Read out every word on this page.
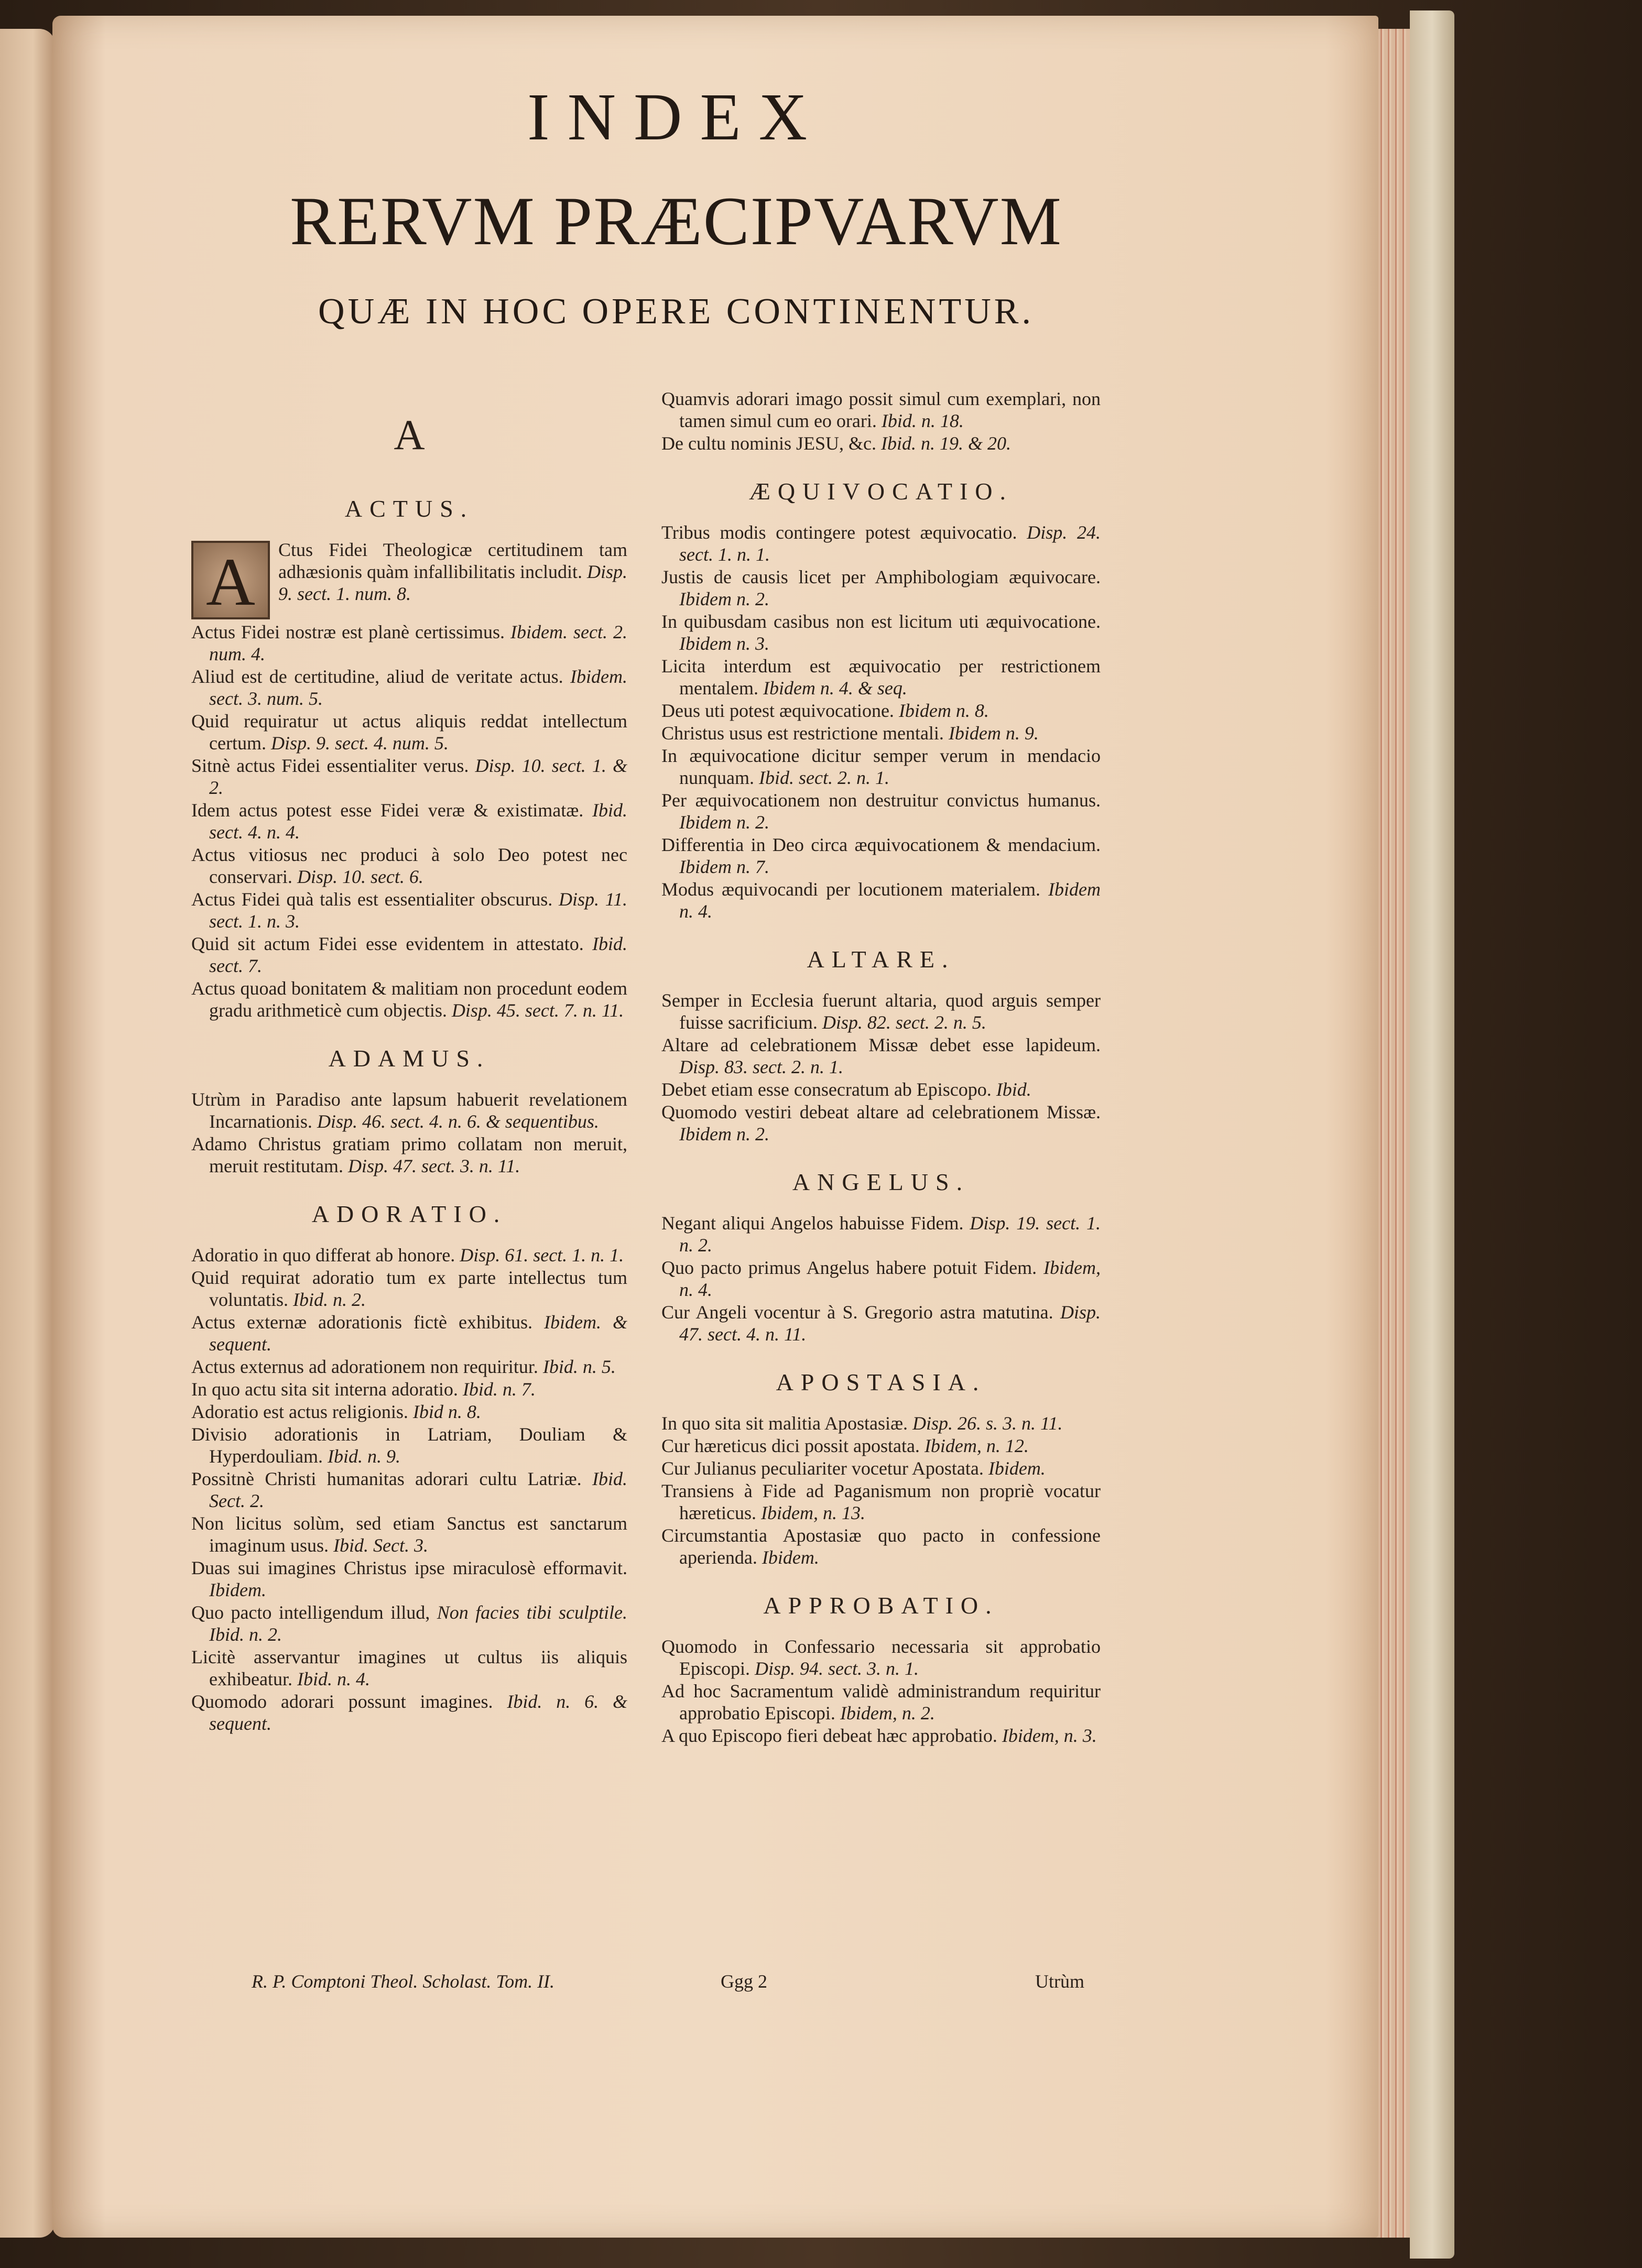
INDEX
RERVM PRÆCIPVARVM
QUÆ IN HOC OPERE CONTINENTUR.
A
ACTUS.
A	Ctus Fidei Theologicæ certitudinem tam adhæsionis quàm infallibilitatis includit. Disp. 9. sect. 1. num. 8.
Actus Fidei nostræ est planè certissimus. Ibidem. sect. 2. num. 4.
Aliud est de certitudine, aliud de veritate actus. Ibidem. sect. 3. num. 5.
Quid requiratur ut actus aliquis reddat intellectum certum. Disp. 9. sect. 4. num. 5.
Sitnè actus Fidei essentialiter verus. Disp. 10. sect. 1. & 2.
Idem actus potest esse Fidei veræ & existimatæ. Ibid. sect. 4. n. 4.
Actus vitiosus nec produci à solo Deo potest nec conservari. Disp. 10. sect. 6.
Actus Fidei quà talis est essentialiter obscurus. Disp. 11. sect. 1. n. 3.
Quid sit actum Fidei esse evidentem in attestato. Ibid. sect. 7.
Actus quoad bonitatem & malitiam non procedunt eodem gradu arithmeticè cum objectis. Disp. 45. sect. 7. n. 11.
ADAMUS.
Utrùm in Paradiso ante lapsum habuerit revelationem Incarnationis. Disp. 46. sect. 4. n. 6. & sequentibus.
Adamo Christus gratiam primo collatam non meruit, meruit restitutam. Disp. 47. sect. 3. n. 11.
ADORATIO.
Adoratio in quo differat ab honore. Disp. 61. sect. 1. n. 1.
Quid requirat adoratio tum ex parte intellectus tum voluntatis. Ibid. n. 2.
Actus externæ adorationis fictè exhibitus. Ibidem. & sequent.
Actus externus ad adorationem non requiritur. Ibid. n. 5.
In quo actu sita sit interna adoratio. Ibid. n. 7.
Adoratio est actus religionis. Ibid n. 8.
Divisio adorationis in Latriam, Douliam & Hyperdouliam. Ibid. n. 9.
Possitnè Christi humanitas adorari cultu Latriæ. Ibid. Sect. 2.
Non licitus solùm, sed etiam Sanctus est sanctarum imaginum usus. Ibid. Sect. 3.
Duas sui imagines Christus ipse miraculosè efformavit. Ibidem.
Quo pacto intelligendum illud, Non facies tibi sculptile. Ibid. n. 2.
Licitè asservantur imagines ut cultus iis aliquis exhibeatur. Ibid. n. 4.
Quomodo adorari possunt imagines. Ibid. n. 6. & sequent.
Quamvis adorari imago possit simul cum exemplari, non tamen simul cum eo orari. Ibid. n. 18.
De cultu nominis JESU, &c. Ibid. n. 19. & 20.
ÆQUIVOCATIO.
Tribus modis contingere potest æquivocatio. Disp. 24. sect. 1. n. 1.
Justis de causis licet per Amphibologiam æquivocare. Ibidem n. 2.
In quibusdam casibus non est licitum uti æquivocatione. Ibidem n. 3.
Licita interdum est æquivocatio per restrictionem mentalem. Ibidem n. 4. & seq.
Deus uti potest æquivocatione. Ibidem n. 8.
Christus usus est restrictione mentali. Ibidem n. 9.
In æquivocatione dicitur semper verum in mendacio nunquam. Ibid. sect. 2. n. 1.
Per æquivocationem non destruitur convictus humanus. Ibidem n. 2.
Differentia in Deo circa æquivocationem & mendacium. Ibidem n. 7.
Modus æquivocandi per locutionem materialem. Ibidem n. 4.
ALTARE.
Semper in Ecclesia fuerunt altaria, quod arguis semper fuisse sacrificium. Disp. 82. sect. 2. n. 5.
Altare ad celebrationem Missæ debet esse lapideum. Disp. 83. sect. 2. n. 1.
Debet etiam esse consecratum ab Episcopo. Ibid.
Quomodo vestiri debeat altare ad celebrationem Missæ. Ibidem n. 2.
ANGELUS.
Negant aliqui Angelos habuisse Fidem. Disp. 19. sect. 1. n. 2.
Quo pacto primus Angelus habere potuit Fidem. Ibidem, n. 4.
Cur Angeli vocentur à S. Gregorio astra matutina. Disp. 47. sect. 4. n. 11.
APOSTASIA.
In quo sita sit malitia Apostasiæ. Disp. 26. s. 3. n. 11.
Cur hæreticus dici possit apostata. Ibidem, n. 12.
Cur Julianus peculiariter vocetur Apostata. Ibidem.
Transiens à Fide ad Paganismum non propriè vocatur hæreticus. Ibidem, n. 13.
Circumstantia Apostasiæ quo pacto in confessione aperienda. Ibidem.
APPROBATIO.
Quomodo in Confessario necessaria sit approbatio Episcopi. Disp. 94. sect. 3. n. 1.
Ad hoc Sacramentum validè administrandum requiritur approbatio Episcopi. Ibidem, n. 2.
A quo Episcopo fieri debeat hæc approbatio. Ibidem, n. 3.
R. P. Comptoni Theol. Scholast. Tom. II.	Ggg 2	Utrùm
